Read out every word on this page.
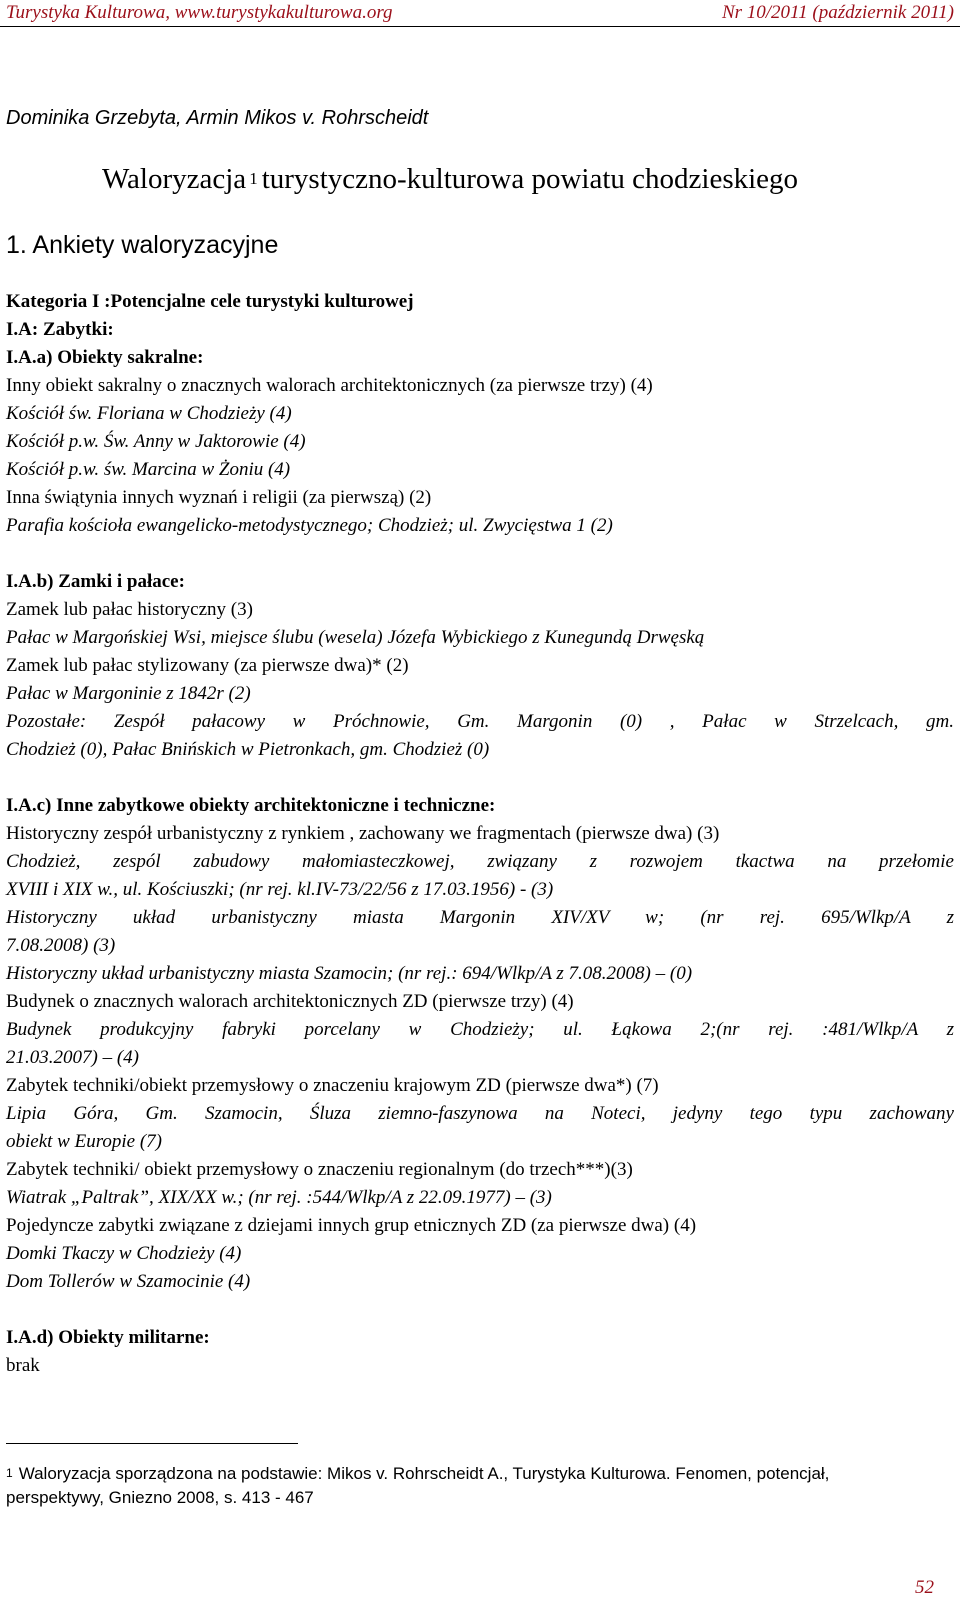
Turystyka Kulturowa, www.turystykakulturowa.org	Nr 10/2011 (październik 2011)
Dominika Grzebyta, Armin Mikos v. Rohrscheidt
Waloryzacja $^1$ turystyczno-kulturowa powiatu chodzieskiego
1. Ankiety waloryzacyjne
Kategoria I :Potencjalne cele turystyki kulturowej
I.A: Zabytki:
I.A.a) Obiekty sakralne:
Inny obiekt sakralny o znacznych walorach architektonicznych (za pierwsze trzy) (4)
Kościół św. Floriana w Chodzieży (4)
Kościół p.w. Św. Anny w Jaktorowie (4)
Kościół p.w. św. Marcina w Żoniu (4)
Inna świątynia innych wyznań i religii (za pierwszą) (2)
Parafia kościoła ewangelicko-metodystycznego; Chodzież; ul. Zwycięstwa 1 (2)
I.A.b) Zamki i pałace:
Zamek lub pałac historyczny (3)
Pałac w Margońskiej Wsi, miejsce ślubu (wesela) Józefa Wybickiego z Kunegundą Drwęską
Zamek lub pałac stylizowany (za pierwsze dwa)* (2)
Pałac w Margoninie z 1842r (2)
Pozostałe: Zespół pałacowy w Próchnowie, Gm. Margonin (0) , Pałac w Strzelcach, gm.
Chodzież (0), Pałac Bnińskich w Pietronkach, gm. Chodzież (0)
I.A.c) Inne zabytkowe obiekty architektoniczne i techniczne:
Historyczny zespół urbanistyczny z rynkiem , zachowany we fragmentach (pierwsze dwa) (3)
Chodzież, zespól zabudowy małomiasteczkowej, związany z rozwojem tkactwa na przełomie
XVIII i XIX w., ul. Kościuszki; (nr rej. kl.IV-73/22/56 z 17.03.1956) - (3)
Historyczny układ urbanistyczny miasta Margonin XIV/XV w; (nr rej. 695/Wlkp/A z
7.08.2008) (3)
Historyczny układ urbanistyczny miasta Szamocin; (nr rej.: 694/Wlkp/A z 7.08.2008) – (0)
Budynek o znacznych walorach architektonicznych ZD (pierwsze trzy) (4)
Budynek produkcyjny fabryki porcelany w Chodzieży; ul. Łąkowa 2;(nr rej. :481/Wlkp/A z
21.03.2007) – (4)
Zabytek techniki/obiekt przemysłowy o znaczeniu krajowym ZD (pierwsze dwa*) (7)
Lipia Góra, Gm. Szamocin, Śluza ziemno-faszynowa na Noteci, jedyny tego typu zachowany
obiekt w Europie (7)
Zabytek techniki/ obiekt przemysłowy o znaczeniu regionalnym (do trzech***)(3)
Wiatrak „Paltrak”, XIX/XX w.; (nr rej. :544/Wlkp/A z 22.09.1977) – (3)
Pojedyncze zabytki związane z dziejami innych grup etnicznych ZD (za pierwsze dwa) (4)
Domki Tkaczy w Chodzieży (4)
Dom Tollerów w Szamocinie (4)
I.A.d) Obiekty militarne:
brak
$^1$ Waloryzacja sporządzona na podstawie: Mikos v. Rohrscheidt A., Turystyka Kulturowa. Fenomen, potencjał,
perspektywy, Gniezno 2008, s. 413 - 467
52
